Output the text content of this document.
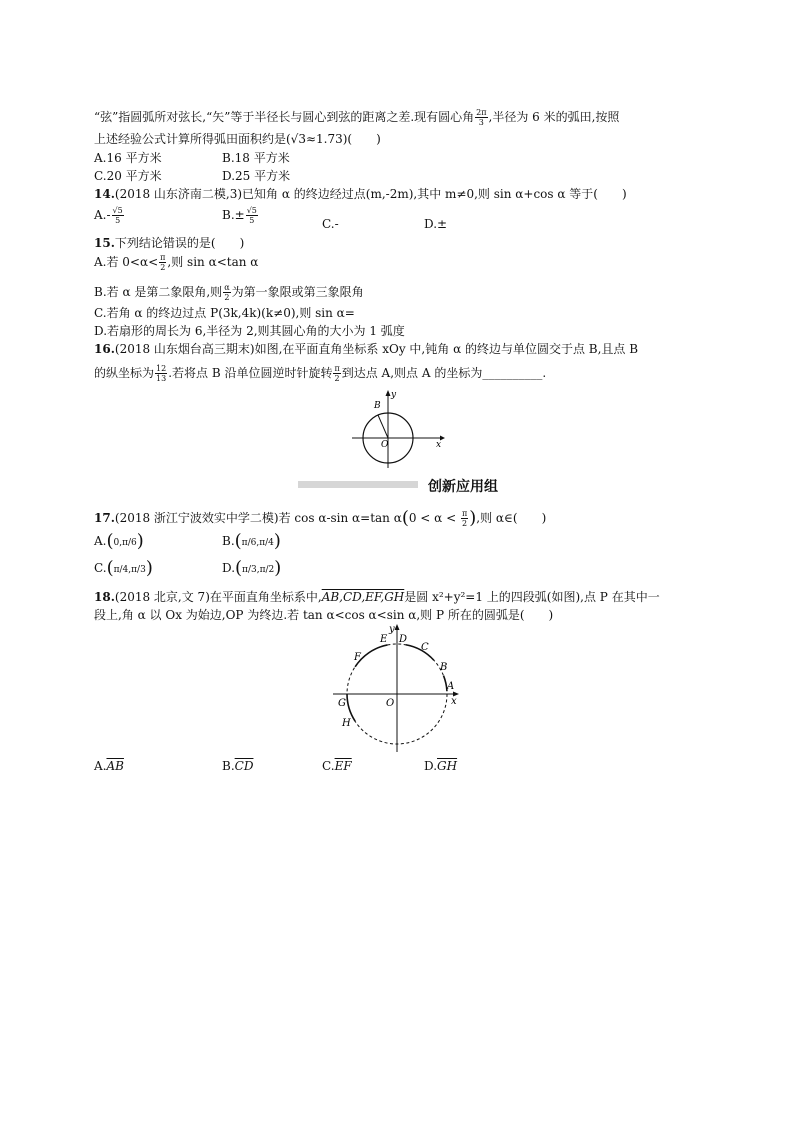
“弦”指圆弧所对弦长,“矢”等于半径长与圆心到弦的距离之差.现有圆心角 $\frac{2\pi}{3}$ ,半径为 6 米的弧田,按照
上述经验公式计算所得弧田面积约是(√3≈1.73)(　　)
A.16 平方米	B.18 平方米
C.20 平方米	D.25 平方米
14.(2018 山东济南二模,3)已知角 α 的终边经过点(m,-2m),其中 m≠0,则 sin α+cos α 等于(　　)
$A.- \frac{√5}{5}$	$B.\pm \frac{√5}{5}$	C.-	D.±
15.下列结论错误的是(　　)
A.若 $0<\alpha< \frac{\pi}{2}$ ,则 sin α<tan α
B.若 α 是第二象限角,则 $\frac{\alpha}{2}$ 为第一象限或第三象限角
C.若角 α 的终边过点 P(3k,4k)(k≠0),则 sin α=
D.若扇形的周长为 6,半径为 2,则其圆心角的大小为 1 弧度
16.(2018 山东烟台高三期末)如图,在平面直角坐标系 xOy 中,钝角 α 的终边与单位圆交于点 B,且点 B
的纵坐标为 $\frac{12}{13}$ .若将点 B 沿单位圆逆时针旋转 $\frac{\pi}{2}$ 到达点 A,则点 A 的坐标为__________.
B
y
x
O
创新应用组
17.(2018 浙江宁波效实中学二模)若 cos α-sin α=tan $\alpha(0 < \alpha < \frac{\pi}{2}$ ),则 α∈(　　)
A.(0,π/6)	B.(π/6,π/4)
C.(π/4,π/3)	D.(π/3,π/2)
18.(2018 北京,文 7)在平面直角坐标系中,AB,CD,EF,GH是圆 x²+y²=1 上的四段弧(如图),点 P 在其中一
段上,角 α 以 Ox 为始边,OP 为终边.若 tan α<cos α<sin α,则 P 所在的圆弧是(　　)
y
x
O
A
B
C
D
E
F
G
H
$A.\overline{AB}$	$B.\overline{CD}$	$C.\overline{EF}$	$D.\overline{GH}$
